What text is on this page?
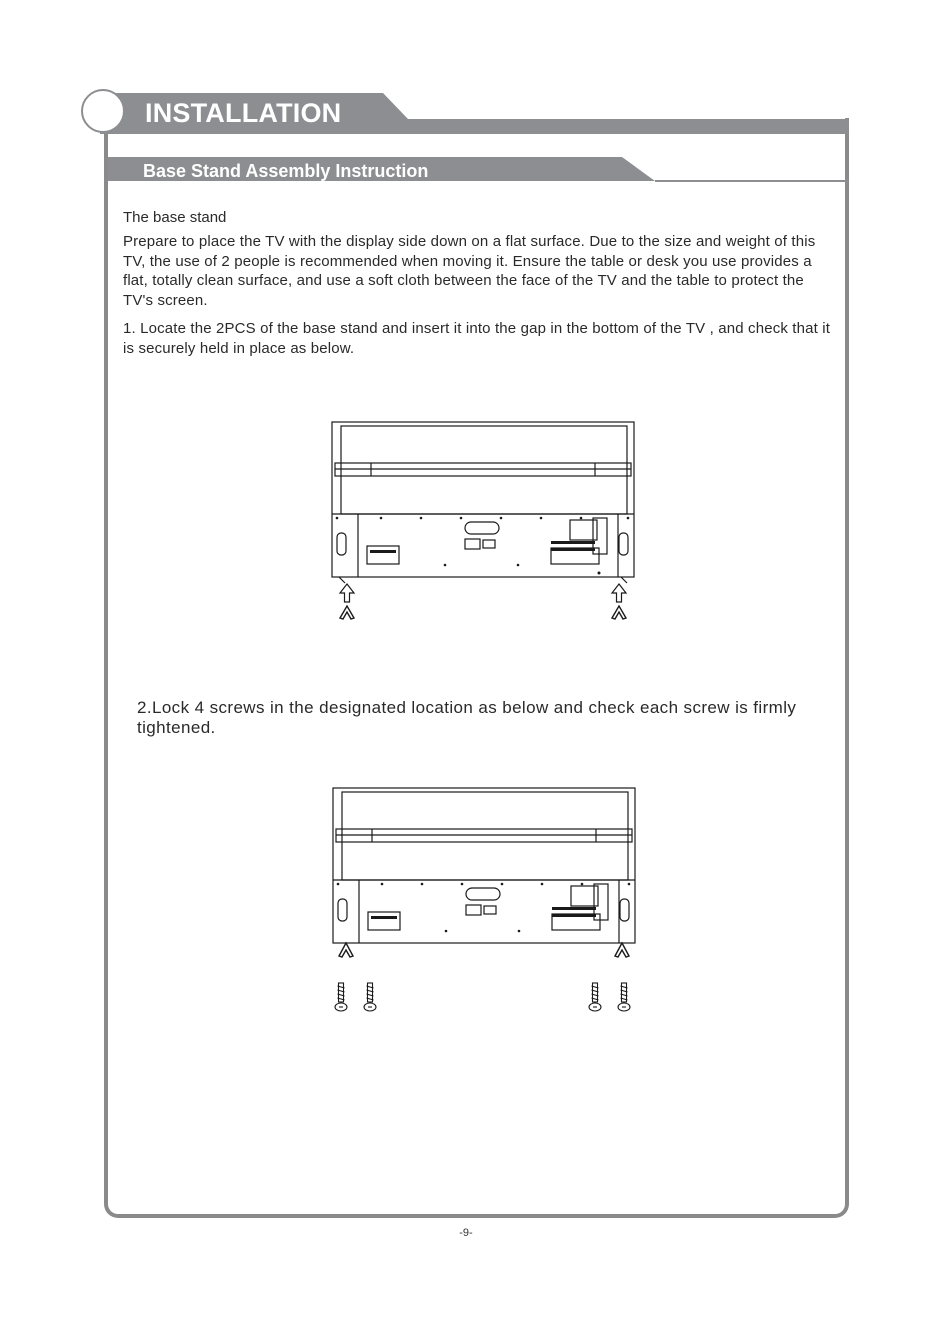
INSTALLATION
Base Stand Assembly Instruction

The base stand

Prepare to place the TV with the display side down on a flat surface. Due to the size and weight of this TV, the use of 2 people is recommended when moving it. Ensure the table or desk you use provides a flat, totally clean surface, and use a soft cloth between the face of the TV and the table to protect the TV's screen.

1. Locate the 2PCS of the base stand and insert it into the gap in the bottom of the TV , and check that it is securely held in place as below.

2.Lock 4 screws in the designated location as below and check each screw is firmly tightened.

-9-
